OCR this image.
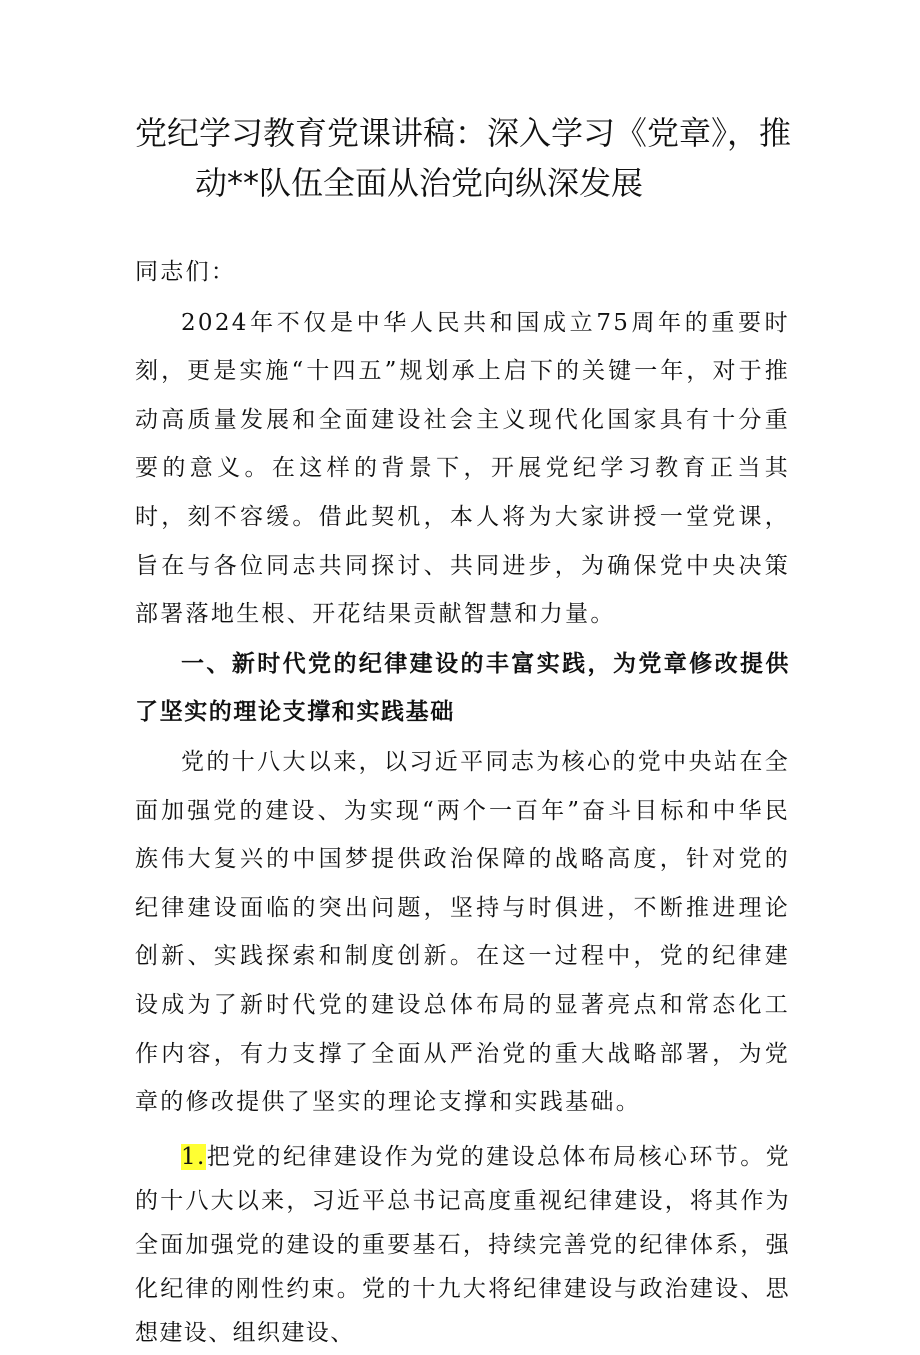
党纪学习教育党课讲稿：深入学习《党章》，推
动**队伍全面从治党向纵深发展

同志们：

2024年不仅是中华人民共和国成立75周年的重要时刻，更是实施“十四五”规划承上启下的关键一年，对于推动高质量发展和全面建设社会主义现代化国家具有十分重要的意义。在这样的背景下，开展党纪学习教育正当其时，刻不容缓。借此契机，本人将为大家讲授一堂党课，旨在与各位同志共同探讨、共同进步，为确保党中央决策部署落地生根、开花结果贡献智慧和力量。

一、新时代党的纪律建设的丰富实践，为党章修改提供了坚实的理论支撑和实践基础

党的十八大以来，以习近平同志为核心的党中央站在全面加强党的建设、为实现“两个一百年”奋斗目标和中华民族伟大复兴的中国梦提供政治保障的战略高度，针对党的纪律建设面临的突出问题，坚持与时俱进，不断推进理论创新、实践探索和制度创新。在这一过程中，党的纪律建设成为了新时代党的建设总体布局的显著亮点和常态化工作内容，有力支撑了全面从严治党的重大战略部署，为党章的修改提供了坚实的理论支撑和实践基础。

1.把党的纪律建设作为党的建设总体布局核心环节。党的十八大以来，习近平总书记高度重视纪律建设，将其作为全面加强党的建设的重要基石，持续完善党的纪律体系，强化纪律的刚性约束。党的十九大将纪律建设与政治建设、思想建设、组织建设、
